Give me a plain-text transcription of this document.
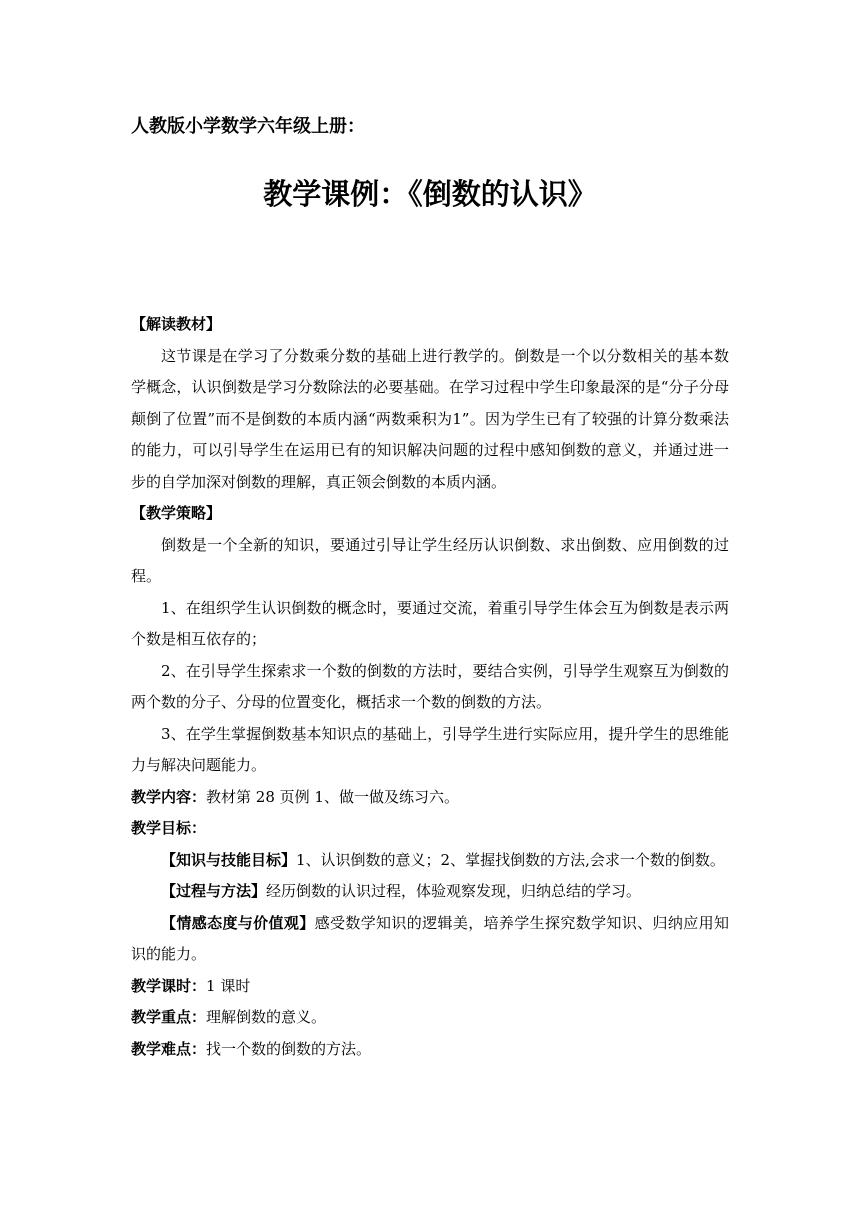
人教版小学数学六年级上册：
教学课例：《倒数的认识》

【解读教材】

这节课是在学习了分数乘分数的基础上进行教学的。倒数是一个以分数相关的基本数学概念，认识倒数是学习分数除法的必要基础。在学习过程中学生印象最深的是“分子分母颠倒了位置”而不是倒数的本质内涵“两数乘积为1”。因为学生已有了较强的计算分数乘法的能力，可以引导学生在运用已有的知识解决问题的过程中感知倒数的意义，并通过进一步的自学加深对倒数的理解，真正领会倒数的本质内涵。

【教学策略】

倒数是一个全新的知识，要通过引导让学生经历认识倒数、求出倒数、应用倒数的过程。

1、在组织学生认识倒数的概念时，要通过交流，着重引导学生体会互为倒数是表示两个数是相互依存的；

2、在引导学生探索求一个数的倒数的方法时，要结合实例，引导学生观察互为倒数的两个数的分子、分母的位置变化，概括求一个数的倒数的方法。

3、在学生掌握倒数基本知识点的基础上，引导学生进行实际应用，提升学生的思维能力与解决问题能力。

教学内容：教材第 28 页例 1、做一做及练习六。

教学目标：

【知识与技能目标】1、认识倒数的意义；2、掌握找倒数的方法,会求一个数的倒数。

【过程与方法】经历倒数的认识过程，体验观察发现，归纳总结的学习。

【情感态度与价值观】感受数学知识的逻辑美，培养学生探究数学知识、归纳应用知识的能力。

教学课时：1 课时

教学重点：理解倒数的意义。

教学难点：找一个数的倒数的方法。
